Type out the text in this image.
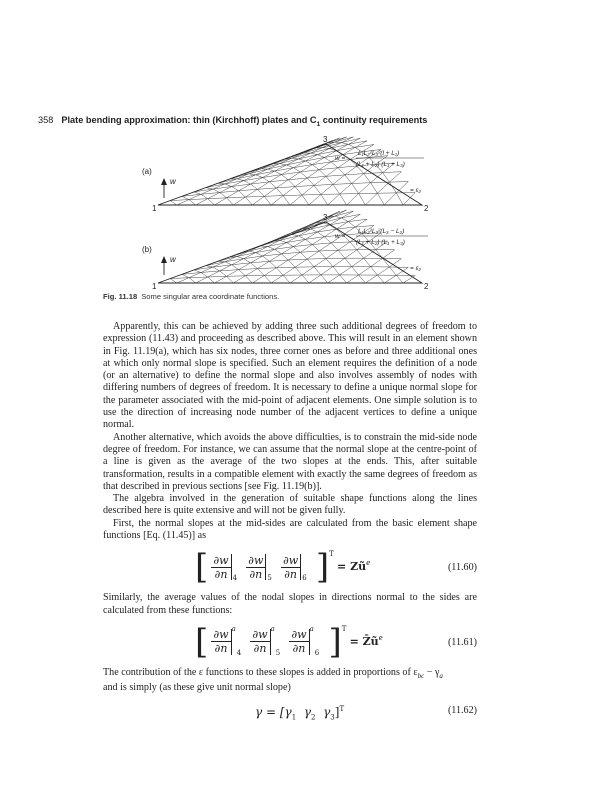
358 Plate bending approximation: thin (Kirchhoff) plates and $C_1$ continuity requirements
(a)
w
1	2
3
w =
L₁L₂²L₃²(l + L₁)
(L₁ + L₂) (L₁ + L₃)
= ε₂
(b)
w
1	2
3
w =
L₁L₂²L₃²(L₃ − L₂)
(L₁ + L₂) (L₁ + L₃)
= ε₂
Fig. 11.18 Some singular area coordinate functions.

Apparently, this can be achieved by adding three such additional degrees of freedom to expression (11.43) and proceeding as described above. This will result in an element shown in Fig. 11.19(a), which has six nodes, three corner ones as before and three additional ones at which only normal slope is specified. Such an element requires the definition of a node (or an alternative) to define the normal slope and also involves assembly of nodes with differing numbers of degrees of freedom. It is necessary to define a unique normal slope for the parameter associated with the mid-point of adjacent elements. One simple solution is to use the direction of increasing node number of the adjacent vertices to define a unique normal.

Another alternative, which avoids the above difficulties, is to constrain the mid-side node degree of freedom. For instance, we can assume that the normal slope at the centre-point of a line is given as the average of the two slopes at the ends. This, after suitable transformation, results in a compatible element with exactly the same degrees of freedom as that described in previous sections [see Fig. 11.19(b)].

The algebra involved in the generation of suitable shape functions along the lines described here is quite extensive and will not be given fully.

First, the normal slopes at the mid-sides are calculated from the basic element shape functions [Eq. (11.45)] as

[ $\frac{\partial w}{\partial n} _4 \frac{\partial w}{\partial n} _5 \frac{\partial w}{\partial n} _6$ ]$^T = Zũ^e$	(11.60)

Similarly, the average values of the nodal slopes in directions normal to the sides are calculated from these functions:

[ $\frac{\partial w}{\partial n} ^a_4 \frac{\partial w}{\partial n} ^a_5 \frac{\partial w}{\partial n} ^a_6$ ]$^T = Z̄ũ^e$	(11.61)

The contribution of the ε functions to these slopes is added in proportions of $\varepsilon_{bc} - \gamma_a$
and is simply (as these give unit normal slope)

$\gamma = [\gamma_1$ $\gamma_2$ $\gamma_3]^T$	(11.62)
